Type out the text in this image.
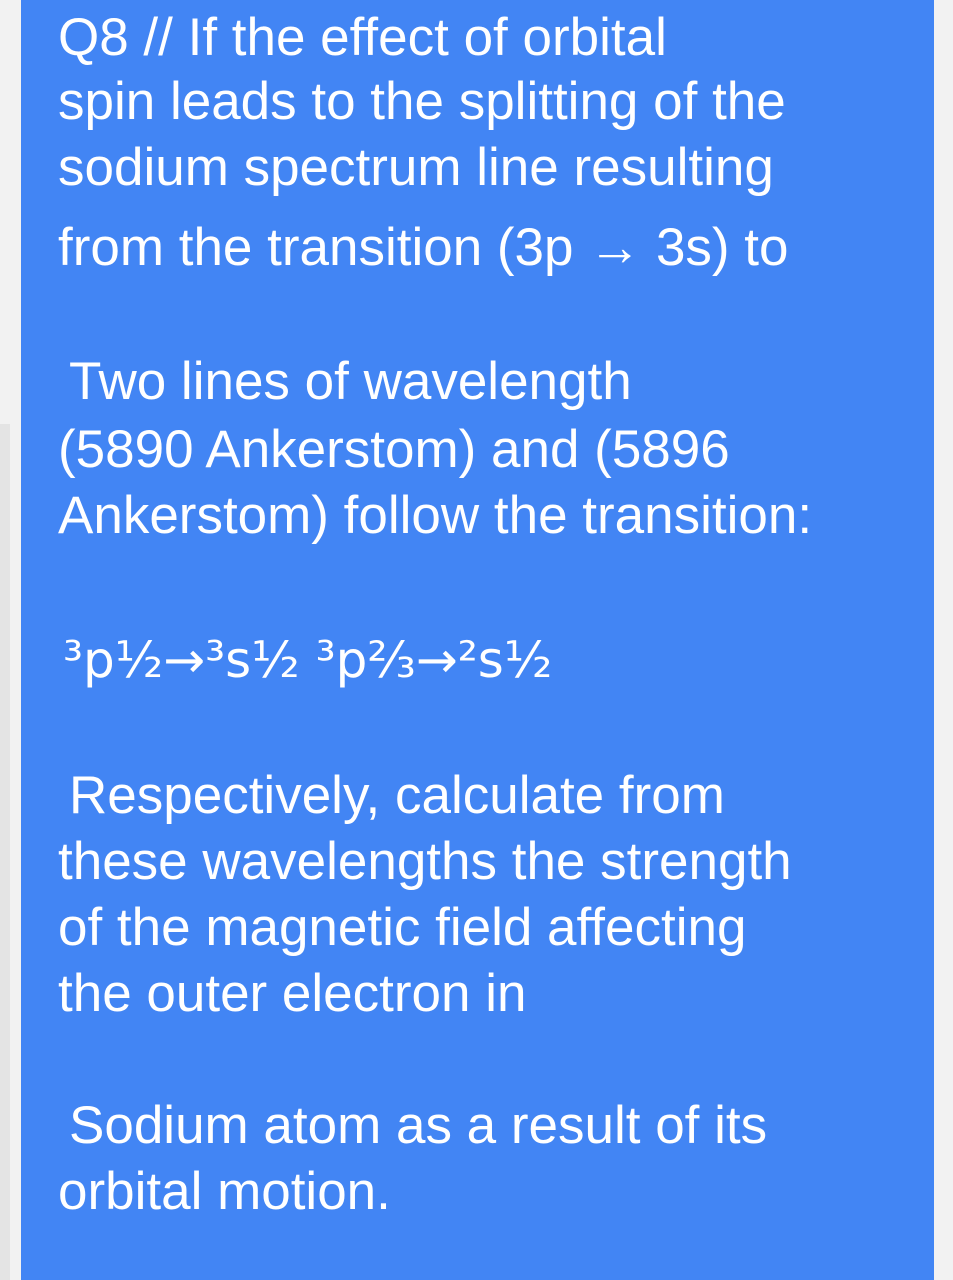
Q8 // If the effect of orbital

spin leads to the splitting of the

sodium spectrum line resulting

from the transition (3p → 3s) to

Two lines of wavelength

(5890 Ankerstom) and (5896

Ankerstom) follow the transition:

³p½→³s½ ³p⅔→²s½

Respectively, calculate from

these wavelengths the strength

of the magnetic field affecting

the outer electron in

Sodium atom as a result of its

orbital motion.
